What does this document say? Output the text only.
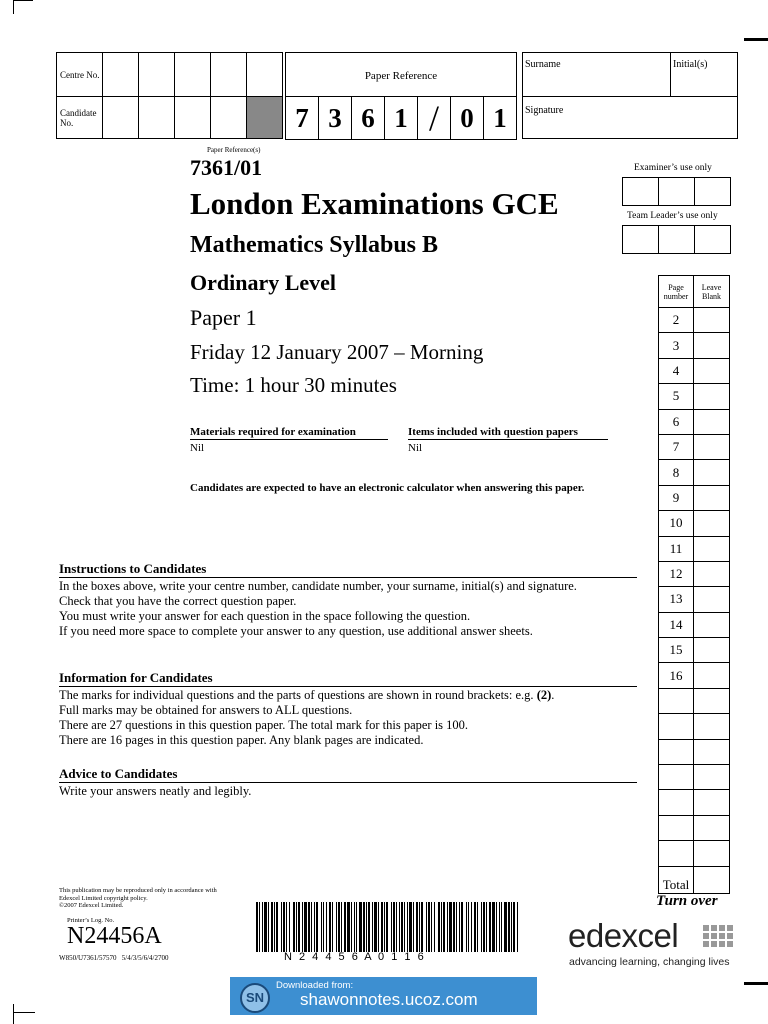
Centre No.					

Candidate No.					

Paper Reference
7	3	6	1	/	0	1
Surname	Initial(s)
Signature
Paper Reference(s)
7361/01
London Examinations GCE
Mathematics Syllabus B
Ordinary Level
Paper 1
Friday 12 January 2007 – Morning
Time: 1 hour 30 minutes
Materials required for examination
Nil
Items included with question papers
Nil
Candidates are expected to have an electronic calculator when answering this paper.
Examiner’s use only

Team Leader’s use only

Page number	Leave Blank
2	
3	
4	
5	
6	
7	
8	
9	
10	
11	
12	
13	
14	
15	
16	

Total	
Instructions to Candidates
In the boxes above, write your centre number, candidate number, your surname, initial(s) and signature.
Check that you have the correct question paper.
You must write your answer for each question in the space following the question.
If you need more space to complete your answer to any question, use additional answer sheets.
Information for Candidates
The marks for individual questions and the parts of questions are shown in round brackets: e.g. (2).
Full marks may be obtained for answers to ALL questions.
There are 27 questions in this question paper. The total mark for this paper is 100.
There are 16 pages in this question paper. Any blank pages are indicated.
Advice to Candidates
Write your answers neatly and legibly.
This publication may be reproduced only in accordance with
Edexcel Limited copyright policy.
©2007 Edexcel Limited.
Printer’s Log. No.
N24456A
W850/U7361/57570   5/4/3/5/6/4/2700	N 2 4 4 5 6 A 0 1 1 6
Turn over
edexcel
advancing learning, changing lives
SN
Downloaded from:
shawonnotes.ucoz.com
